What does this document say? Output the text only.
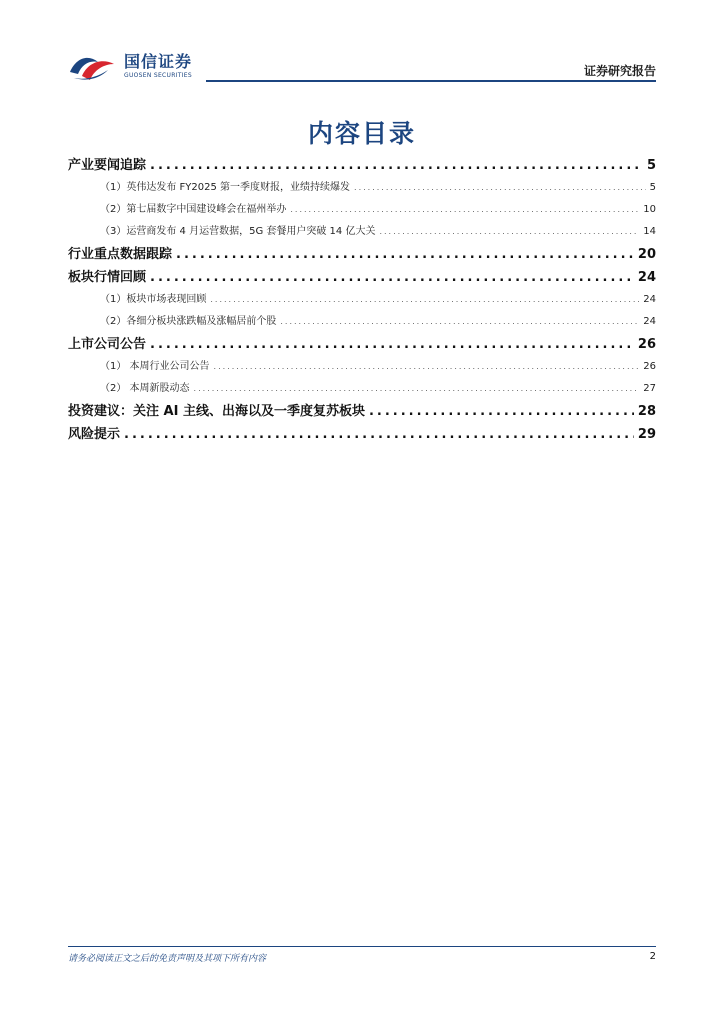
国信证券
GUOSEN SECURITIES	证券研究报告
内容目录
产业要闻追踪 .....	5
（1）英伟达发布 FY2025 第一季度财报，业绩持续爆发 .....	5
（2）第七届数字中国建设峰会在福州举办 .....	10
（3）运营商发布 4 月运营数据，5G 套餐用户突破 14 亿大关 .....	14
行业重点数据跟踪 .....	20
板块行情回顾 .....	24
（1）板块市场表现回顾 .....	24
（2）各细分板块涨跌幅及涨幅居前个股 .....	24
上市公司公告 .....	26
（1） 本周行业公司公告 .....	26
（2） 本周新股动态 .....	27
投资建议：关注 AI 主线、出海以及一季度复苏板块 .....	28
风险提示 .....	29
请务必阅读正文之后的免责声明及其项下所有内容	2
